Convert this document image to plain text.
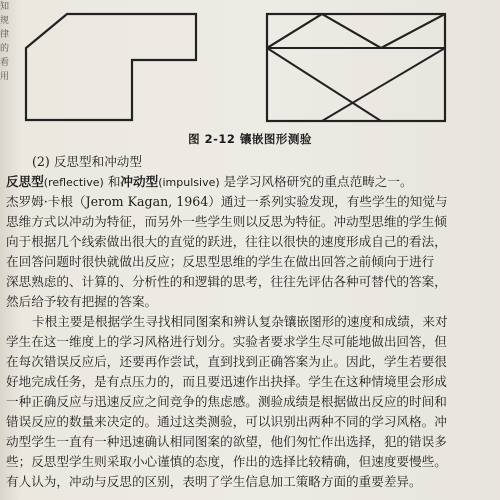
知
规
律
的
看
用
图 2-12 镶嵌图形测验
(2) 反思型和冲动型
反思型(reflective) 和冲动型(impulsive) 是学习风格研究的重点范畴之一。
杰罗姆·卡根（Jerom Kagan, 1964）通过一系列实验发现，有些学生的知觉与
思维方式以冲动为特征，而另外一些学生则以反思为特征。冲动型思维的学生倾
向于根据几个线索做出很大的直觉的跃进，往往以很快的速度形成自己的看法，
在回答问题时很快就做出反应；反思型思维的学生在做出回答之前倾向于进行
深思熟虑的、计算的、分析性的和逻辑的思考，往往先评估各种可替代的答案，
然后给予较有把握的答案。
卡根主要是根据学生寻找相同图案和辨认复杂镶嵌图形的速度和成绩，来对
学生在这一维度上的学习风格进行划分。实验者要求学生尽可能地做出回答，但
在每次错误反应后，还要再作尝试，直到找到正确答案为止。因此，学生若要很
好地完成任务，是有点压力的，而且要迅速作出抉择。学生在这种情境里会形成
一种正确反应与迅速反应之间竞争的焦虑感。测验成绩是根据做出反应的时间和
错误反应的数量来决定的。通过这类测验，可以识别出两种不同的学习风格。冲
动型学生一直有一种迅速确认相同图案的欲望，他们匆忙作出选择，犯的错误多
些；反思型学生则采取小心谨慎的态度，作出的选择比较精确，但速度要慢些。
有人认为，冲动与反思的区别，表明了学生信息加工策略方面的重要差异。
